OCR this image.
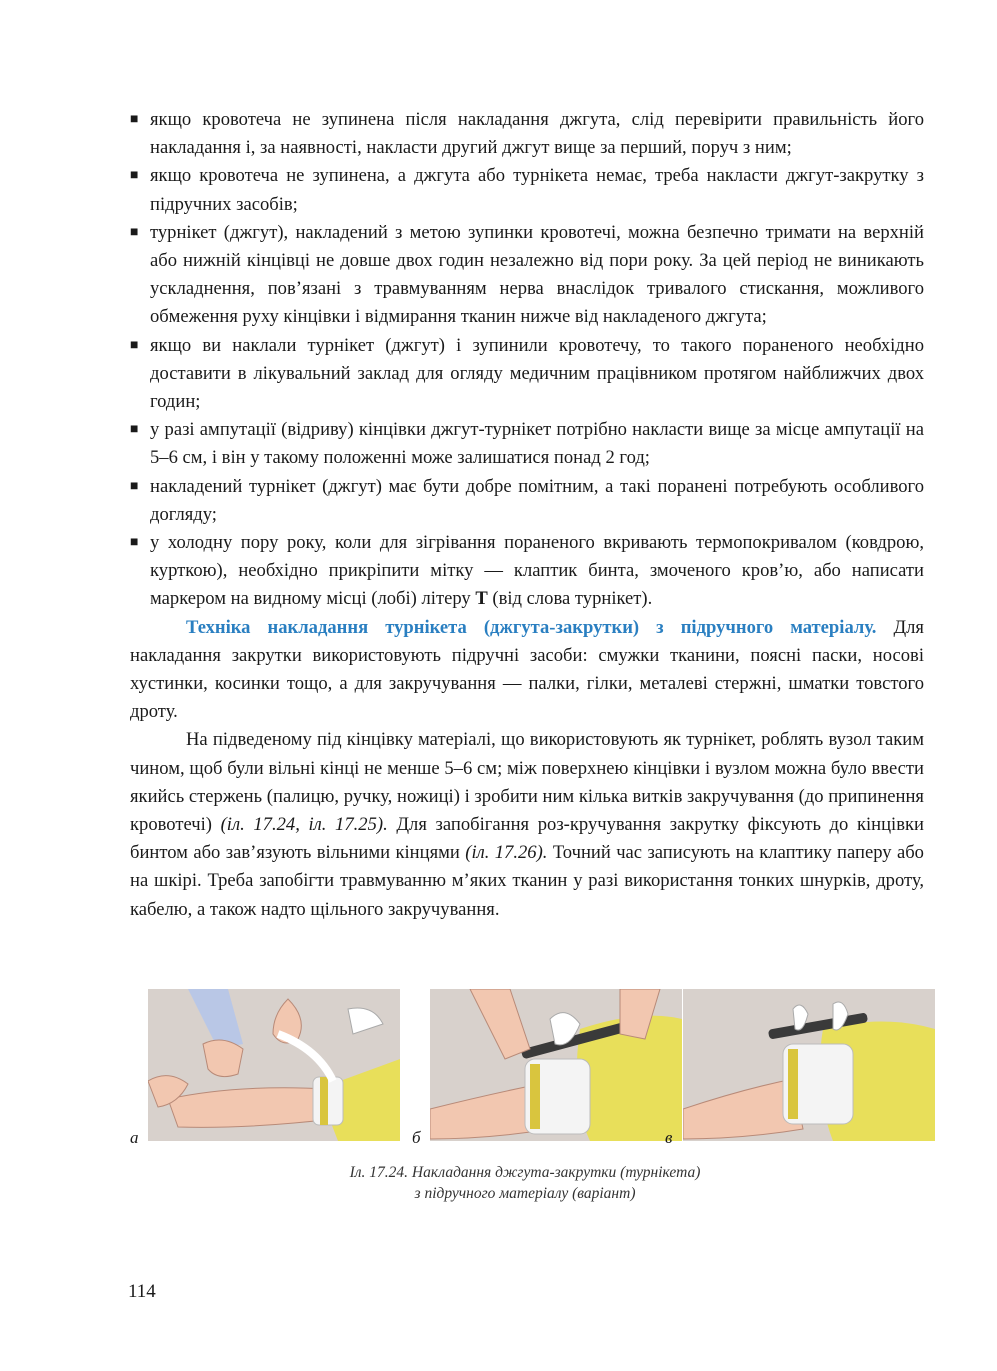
■ якщо кровотеча не зупинена після накладання джгута, слід перевірити правильність його накладання і, за наявності, накласти другий джгут вище за перший, поруч з ним;

■ якщо кровотеча не зупинена, а джгута або турнікета немає, треба накласти джгут-закрутку з підручних засобів;

■ турнікет (джгут), накладений з метою зупинки кровотечі, можна безпечно тримати на верхній або нижній кінцівці не довше двох годин незалежно від пори року. За цей період не виникають ускладнення, пов’язані з травмуванням нерва внаслідок тривалого стискання, можливого обмеження руху кінцівки і відмирання тканин нижче від накладеного джгута;

■ якщо ви наклали турнікет (джгут) і зупинили кровотечу, то такого пораненого необхідно доставити в лікувальний заклад для огляду медичним працівником протягом найближчих двох годин;

■ у разі ампутації (відриву) кінцівки джгут-турнікет потрібно накласти вище за місце ампутації на 5–6 см, і він у такому положенні може залишатися понад 2 год;

■ накладений турнікет (джгут) має бути добре помітним, а такі поранені потребують особливого догляду;

■ у холодну пору року, коли для зігрівання пораненого вкривають термопокривалом (ковдрою, курткою), необхідно прикріпити мітку — клаптик бинта, змоченого кров’ю, або написати маркером на видному місці (лобі) літеру Т (від слова турнікет).

Техніка накладання турнікета (джгута-закрутки) з підручного матеріалу. Для накладання закрутки використовують підручні засоби: смужки тканини, поясні паски, носові хустинки, косинки тощо, а для закручування — палки, гілки, металеві стержні, шматки товстого дроту.

На підведеному під кінцівку матеріалі, що використовують як турнікет, роблять вузол таким чином, щоб були вільні кінці не менше 5–6 см; між поверхнею кінцівки і вузлом можна було ввести якийсь стержень (палицю, ручку, ножиці) і зробити ним кілька витків закручування (до припинення кровотечі) (іл. 17.24, іл. 17.25). Для запобігання роз-кручування закрутку фіксують до кінцівки бинтом або зав’язують вільними кінцями (іл. 17.26). Точний час записують на клаптику паперу або на шкірі. Треба запобігти травмуванню м’яких тканин у разі використання тонких шнурків, дроту, кабелю, а також надто щільного закручування.

а	б	в
Іл. 17.24. Накладання джгута-закрутки (турнікета)
з підручного матеріалу (варіант)
114
